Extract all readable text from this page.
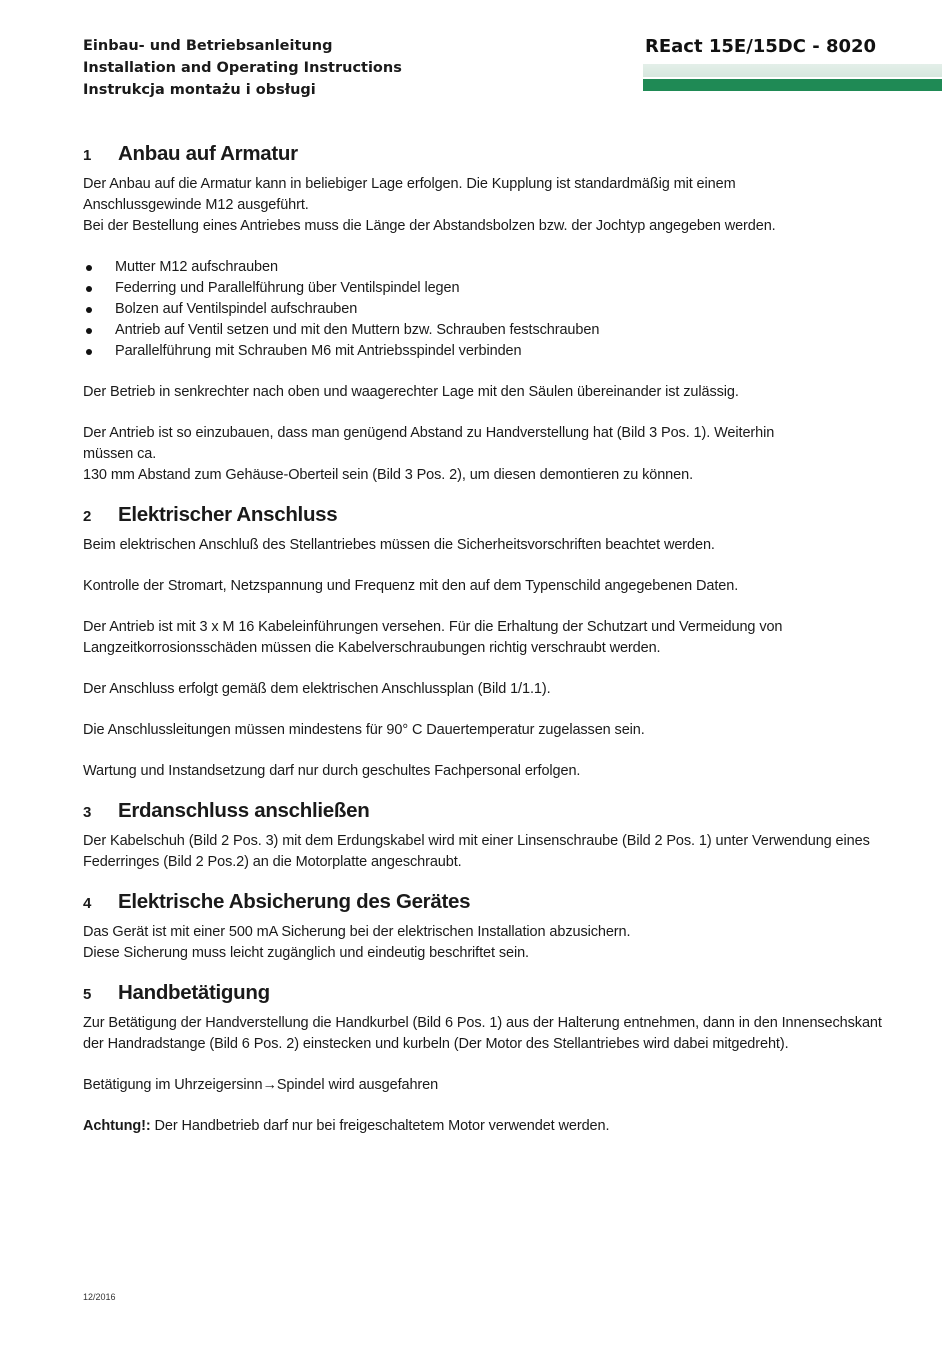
Einbau- und Betriebsanleitung
Installation and Operating Instructions
Instrukcja montażu i obsługi
REact 15E/15DC - 8020
1	Anbau auf Armatur

Der Anbau auf die Armatur kann in beliebiger Lage erfolgen. Die Kupplung ist standardmäßig mit einem
Anschlussgewinde M12 ausgeführt.
Bei der Bestellung eines Antriebes muss die Länge der Abstandsbolzen bzw. der Jochtyp angegeben werden.

Mutter M12 aufschrauben
Federring und Parallelführung über Ventilspindel legen
Bolzen auf Ventilspindel aufschrauben
Antrieb auf Ventil setzen und mit den Muttern bzw. Schrauben festschrauben
Parallelführung mit Schrauben M6 mit Antriebsspindel verbinden

Der Betrieb in senkrechter nach oben und waagerechter Lage mit den Säulen übereinander ist zulässig.

Der Antrieb ist so einzubauen, dass man genügend Abstand zu Handverstellung hat (Bild 3 Pos. 1). Weiterhin
müssen ca.
130 mm Abstand zum Gehäuse-Oberteil sein (Bild 3 Pos. 2), um diesen demontieren zu können.

2	Elektrischer Anschluss

Beim elektrischen Anschluß des Stellantriebes müssen die Sicherheitsvorschriften beachtet werden.

Kontrolle der Stromart, Netzspannung und Frequenz mit den auf dem Typenschild angegebenen Daten.

Der Antrieb ist mit 3 x M 16 Kabeleinführungen versehen. Für die Erhaltung der Schutzart und Vermeidung von
Langzeitkorrosionsschäden müssen die Kabelverschraubungen richtig verschraubt werden.

Der Anschluss erfolgt gemäß dem elektrischen Anschlussplan (Bild 1/1.1).

Die Anschlussleitungen müssen mindestens für 90° C Dauertemperatur zugelassen sein.

Wartung und Instandsetzung darf nur durch geschultes Fachpersonal erfolgen.

3	Erdanschluss anschließen

Der Kabelschuh (Bild 2 Pos. 3) mit dem Erdungskabel wird mit einer Linsenschraube (Bild 2 Pos. 1) unter Verwendung eines
Federringes (Bild 2 Pos.2) an die Motorplatte angeschraubt.

4	Elektrische Absicherung des Gerätes

Das Gerät ist mit einer 500 mA Sicherung bei der elektrischen Installation abzusichern.
Diese Sicherung muss leicht zugänglich und eindeutig beschriftet sein.

5	Handbetätigung

Zur Betätigung der Handverstellung die Handkurbel (Bild 6 Pos. 1) aus der Halterung entnehmen, dann in den Innensechskant
der Handradstange (Bild 6 Pos. 2) einstecken und kurbeln (Der Motor des Stellantriebes wird dabei mitgedreht).

Betätigung im Uhrzeigersinn→Spindel wird ausgefahren

Achtung!: Der Handbetrieb darf nur bei freigeschaltetem Motor verwendet werden.

12/2016
